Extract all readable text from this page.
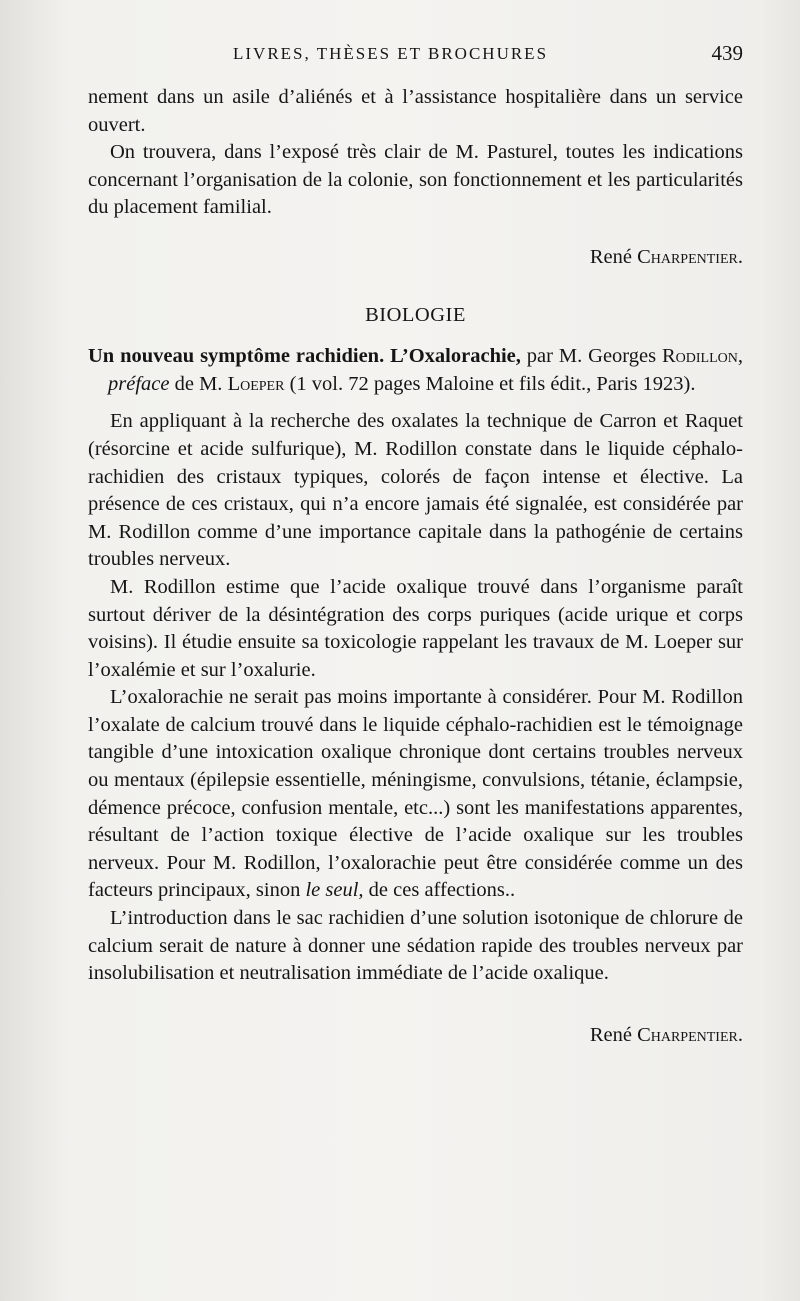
LIVRES, THÈSES ET BROCHURES	439

nement dans un asile d’aliénés et à l’assistance hospitalière dans un service ouvert.

On trouvera, dans l’exposé très clair de M. Pasturel, toutes les indications concernant l’organisation de la colonie, son fonctionnement et les particularités du placement familial.

René Charpentier.
BIOLOGIE

Un nouveau symptôme rachidien. L’Oxalorachie, par M. Georges Rodillon, préface de M. Loeper (1 vol. 72 pages Maloine et fils édit., Paris 1923).

En appliquant à la recherche des oxalates la technique de Carron et Raquet (résorcine et acide sulfurique), M. Rodillon constate dans le liquide céphalo-rachidien des cristaux typiques, colorés de façon intense et élective. La présence de ces cristaux, qui n’a encore jamais été signalée, est considérée par M. Rodillon comme d’une importance capitale dans la pathogénie de certains troubles nerveux.

M. Rodillon estime que l’acide oxalique trouvé dans l’organisme paraît surtout dériver de la désintégration des corps puriques (acide urique et corps voisins). Il étudie ensuite sa toxicologie rappelant les travaux de M. Loeper sur l’oxalémie et sur l’oxalurie.

L’oxalorachie ne serait pas moins importante à considérer. Pour M. Rodillon l’oxalate de calcium trouvé dans le liquide céphalo-rachidien est le témoignage tangible d’une intoxication oxalique chronique dont certains troubles nerveux ou mentaux (épilepsie essentielle, méningisme, convulsions, tétanie, éclampsie, démence précoce, confusion mentale, etc...) sont les manifestations apparentes, résultant de l’action toxique élective de l’acide oxalique sur les troubles nerveux. Pour M. Rodillon, l’oxalorachie peut être considérée comme un des facteurs principaux, sinon le seul, de ces affections..

L’introduction dans le sac rachidien d’une solution isotonique de chlorure de calcium serait de nature à donner une sédation rapide des troubles nerveux par insolubilisation et neutralisation immédiate de l’acide oxalique.

René Charpentier.
